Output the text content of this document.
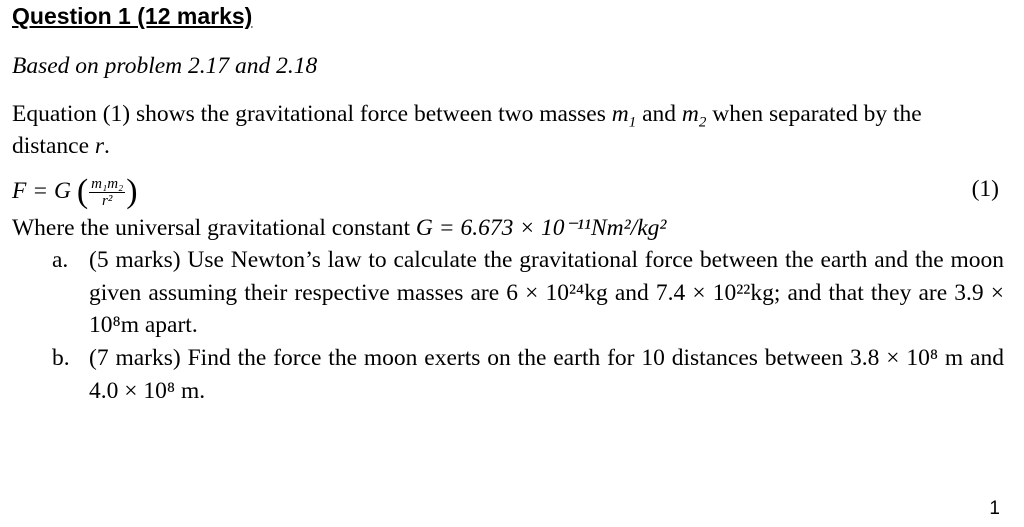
Question 1 (12 marks)
Based on problem 2.17 and 2.18
Equation (1) shows the gravitational force between two masses $m_1$ and $m_2$ when separated by the
distance r.
F = G ( $\frac{\text{m₁m₂}}{\text{r²}}$ )	(1)
Where the universal gravitational constant G = 6.673 × 10⁻¹¹Nm²/kg²
a. (5 marks) Use Newton’s law to calculate the gravitational force between the earth and the moon given assuming their respective masses are 6 × 10²⁴kg and 7.4 × 10²²kg; and that they are 3.9 × 10⁸m apart.
b. (7 marks) Find the force the moon exerts on the earth for 10 distances between 3.8 × 10⁸ m and 4.0 × 10⁸ m.
1
